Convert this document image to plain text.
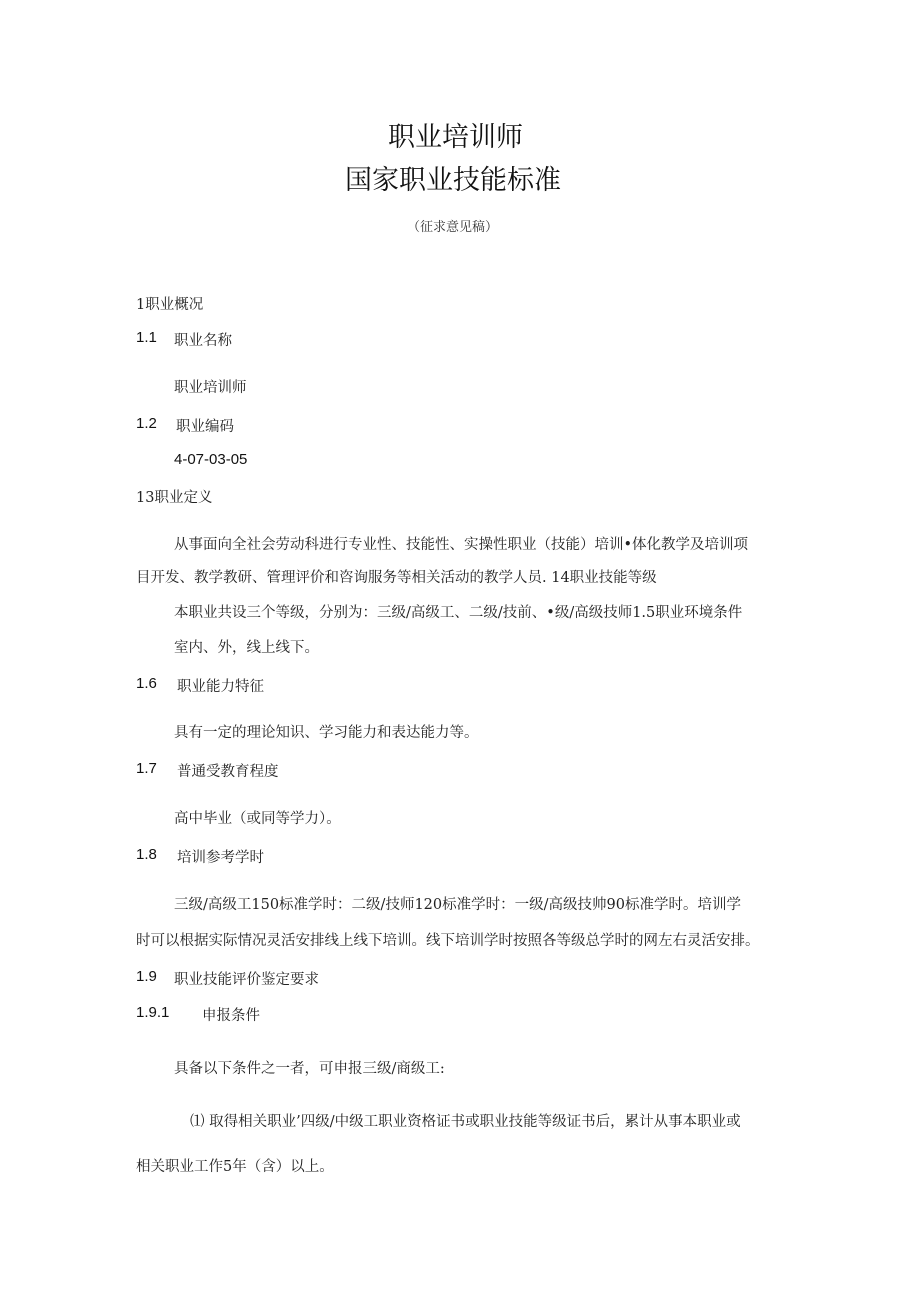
职业培训师
国家职业技能标准
（征求意见稿）
1职业概况
1.1 职业名称
职业培训师
1.2 职业编码
4-07-03-05
13职业定义
从事面向全社会劳动科进行专业性、技能性、实操性职业（技能）培训•体化教学及培训项
目开发、教学教研、管理评价和咨询服务等相关活动的教学人员. 14职业技能等级
本职业共设三个等级，分别为：三级/高级工、二级/技前、•级/高级技师1.5职业环境条件
室内、外，线上线下。
1.6 职业能力特征
具有一定的理论知识、学习能力和表达能力等。
1.7 普通受教育程度
高中毕业（或同等学力）。
1.8 培训参考学时
三级/高级工150标准学时：二级/技师120标准学时：一级/高级技帅90标准学时。培训学
时可以根据实际情况灵活安排线上线下培训。线下培训学时按照各等级总学时的网左右灵活安排。
1.9 职业技能评价鉴定要求
1.9.1 申报条件
具备以下条件之一者，可申报三级/商级工:
⑴ 取得相关职业’四级/中级工职业资格证书或职业技能等级证书后，累计从事本职业或
相关职业工作5年（含）以上。
